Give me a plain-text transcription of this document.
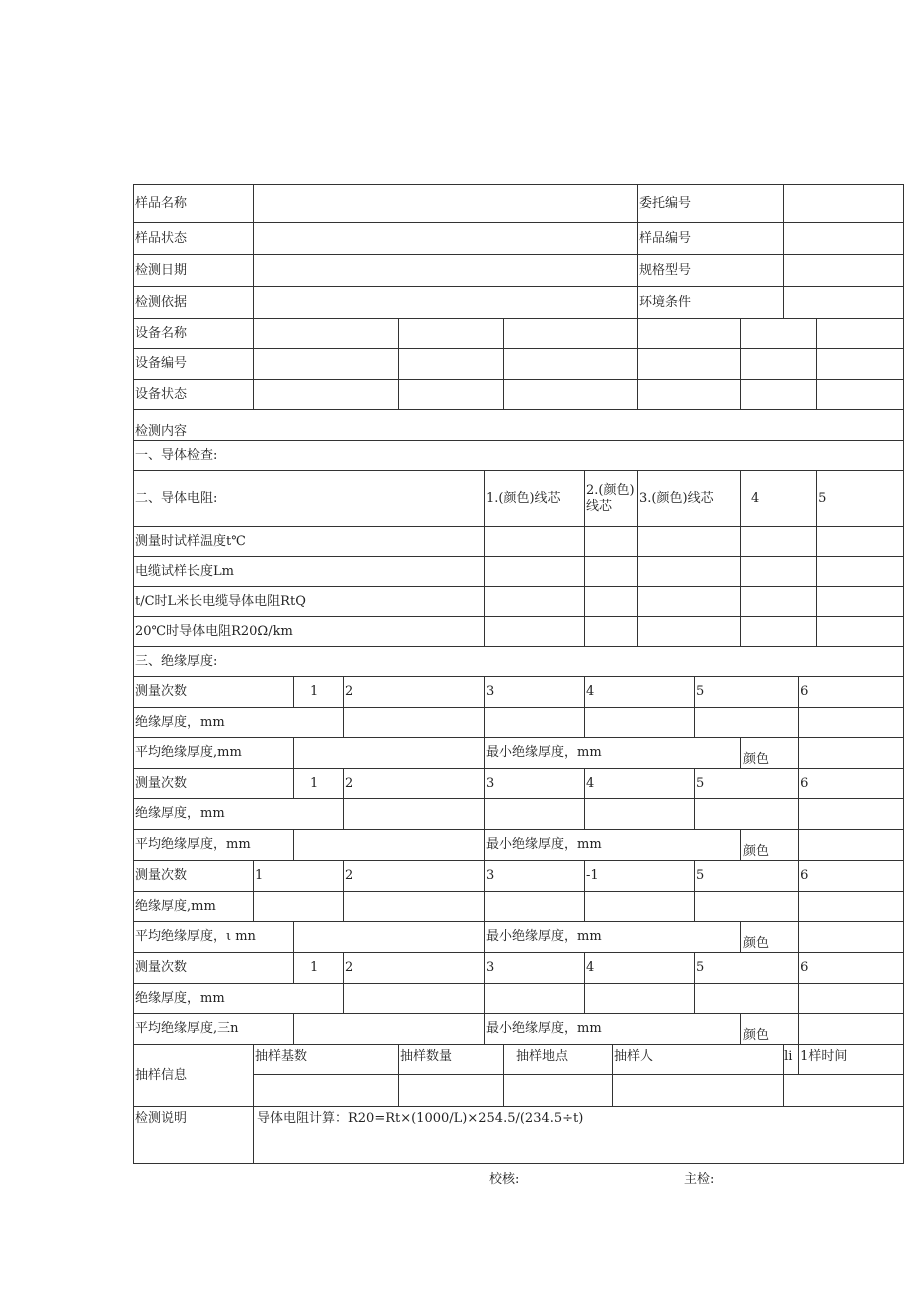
样品名称									委托编号					
样品状态									样品编号					
检测日期									规格型号					
检测依据									环境条件					
设备名称														
设备编号														
设备状态														
检测内容														
一、导体检查:														
二、导体电阻:					1.(颜色)线芯		2.(颜色)线芯		3.(颜色)线芯		4			5
测量时试样温度t℃														
电缆试样长度Lm														
t/C时L米长电缆导体电阻RtQ														
20℃时导体电阻R20Ω/km														
三、绝缘厚度:														
测量次数		1	2		3		4			5			6	
绝缘厚度，mm														
平均绝缘厚度,mm					最小绝缘厚度，mm						颜色			
测量次数		1	2		3		4			5			6	
绝缘厚度，mm														
平均绝缘厚度，mm					最小绝缘厚度，mm						颜色			
测量次数	1		2		3		-1			5			6	
绝缘厚度,mm														
平均绝缘厚度，ι mn					最小绝缘厚度，mm						颜色			
测量次数		1	2		3		4			5			6	
绝缘厚度，mm														
平均绝缘厚度,三n					最小绝缘厚度，mm						颜色			
抽样信息	抽样基数			抽样数量		抽样地点		抽样人				li	1样时间	

检测说明	导体电阻计算：R20=Rt×(1000/L)×254.5/(234.5÷t)													
校核:	主检:
